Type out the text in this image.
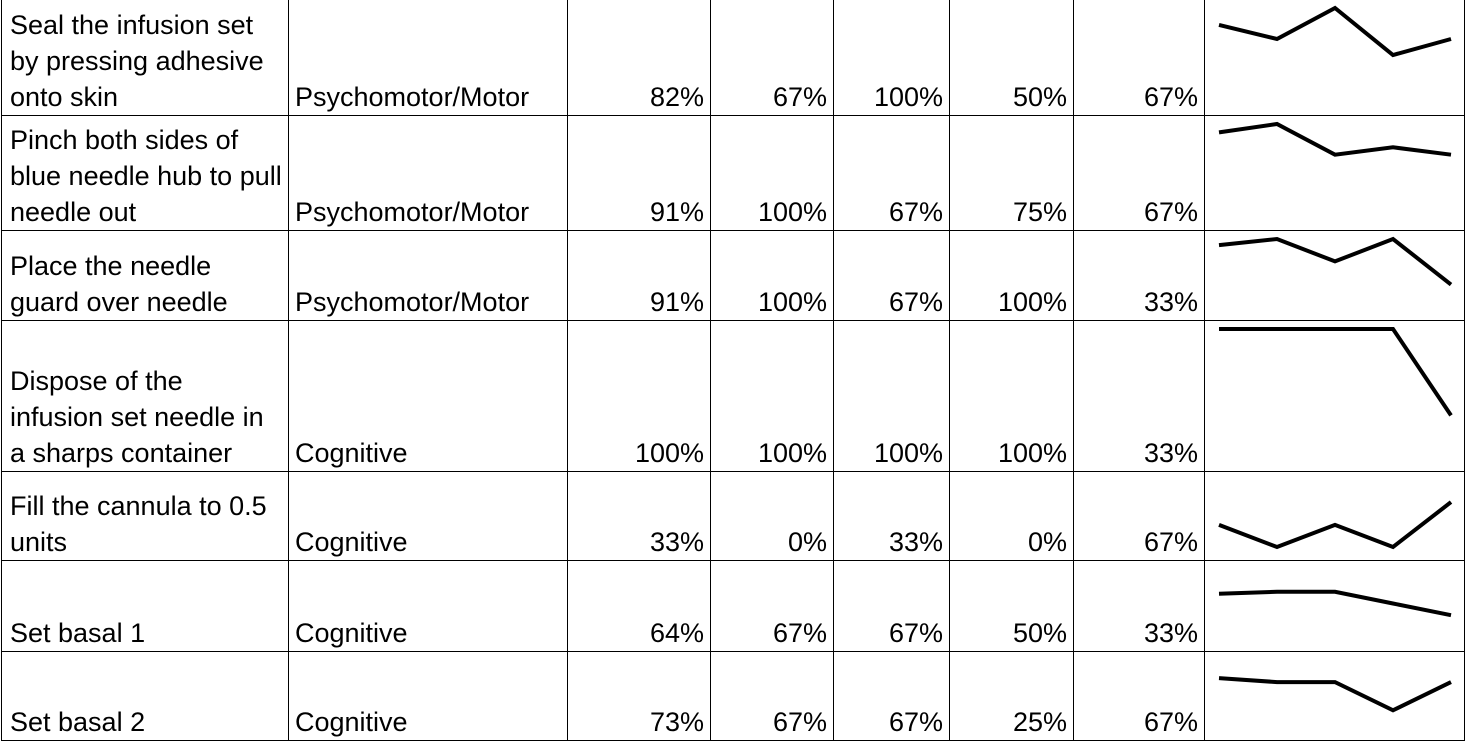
Seal the infusion set by pressing adhesive onto skin	Psychomotor/Motor	82%	67%	100%	50%	67%	

Pinch both sides of blue needle hub to pull needle out	Psychomotor/Motor	91%	100%	67%	75%	67%	

Place the needle guard over needle	Psychomotor/Motor	91%	100%	67%	100%	33%	

Dispose of the infusion set needle in a sharps container	Cognitive	100%	100%	100%	100%	33%	

Fill the cannula to 0.5 units	Cognitive	33%	0%	33%	0%	67%	

Set basal 1	Cognitive	64%	67%	67%	50%	33%	

Set basal 2	Cognitive	73%	67%	67%	25%	67%	
